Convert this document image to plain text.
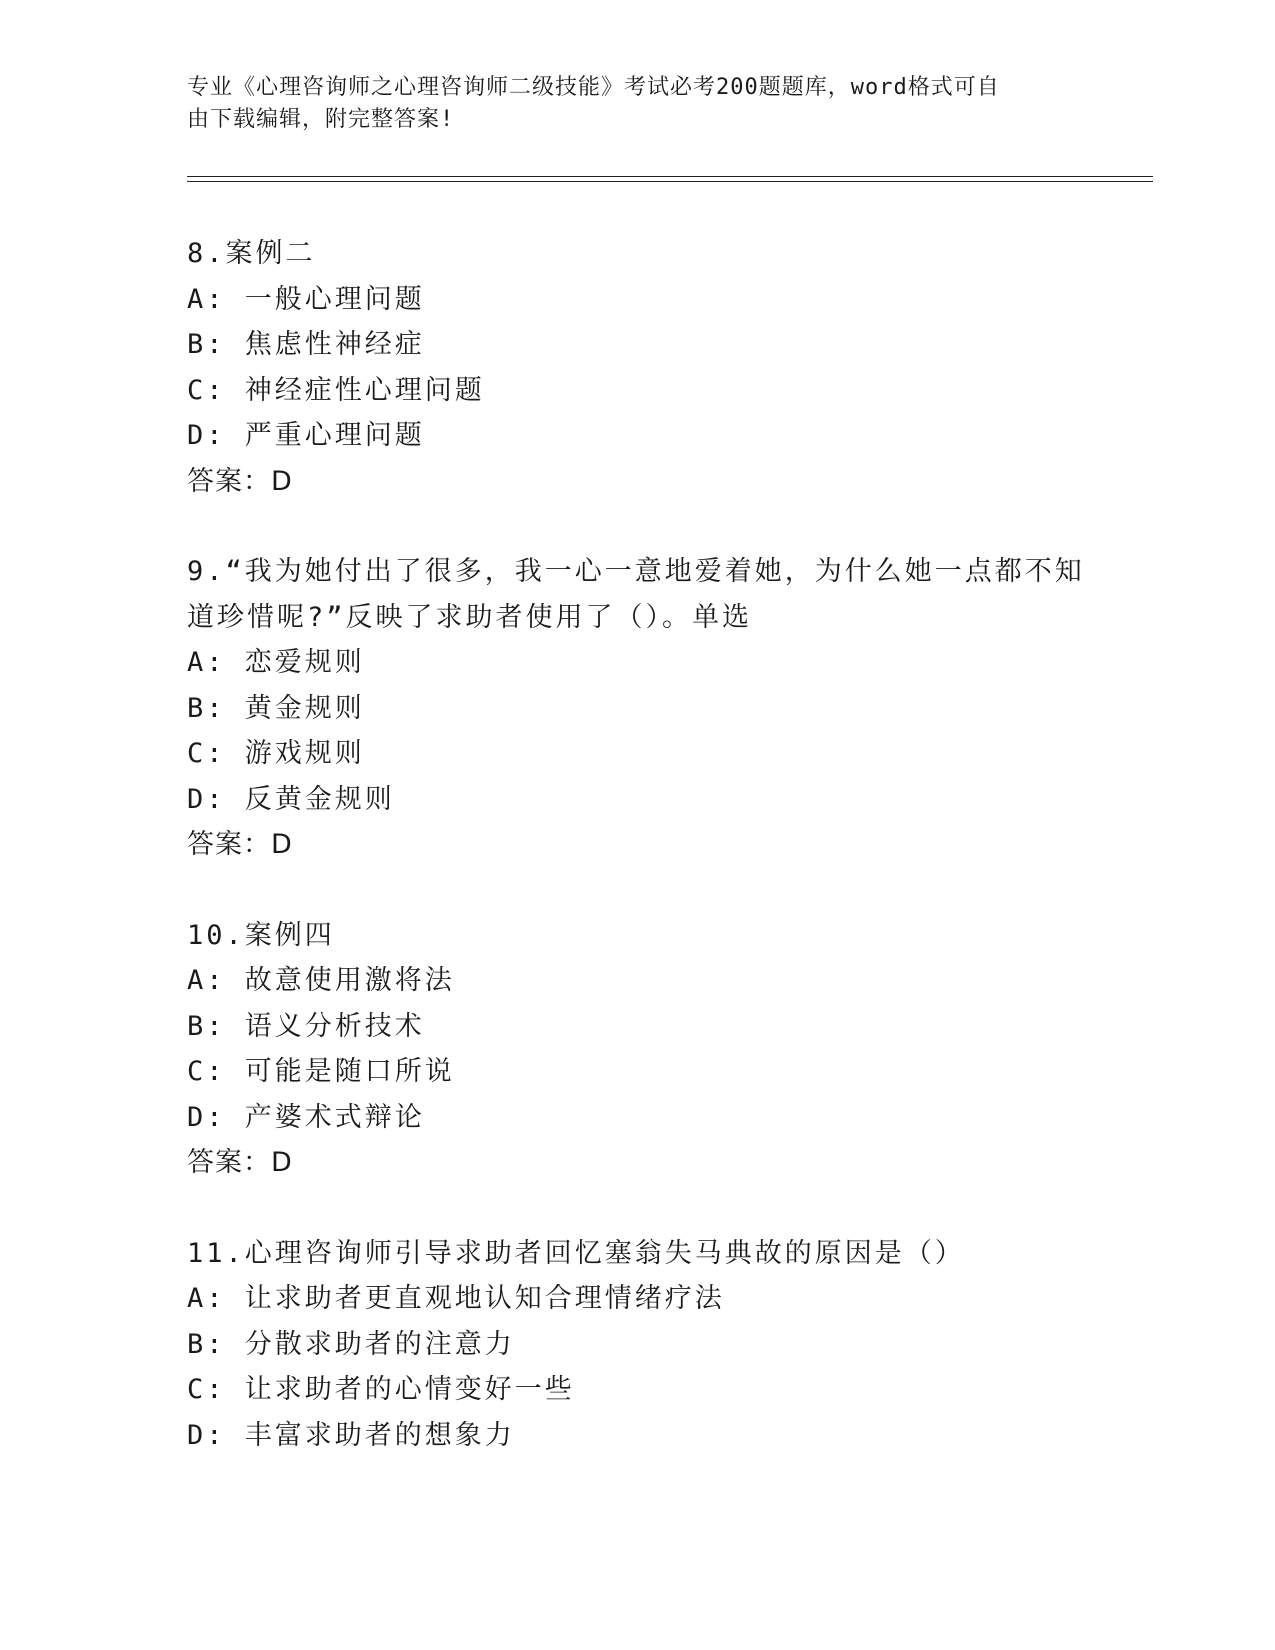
专业《心理咨询师之心理咨询师二级技能》考试必考200题题库，word格式可自
由下载编辑，附完整答案!
8.案例二
A: 一般心理问题
B: 焦虑性神经症
C: 神经症性心理问题
D: 严重心理问题
答案：D
9.“我为她付出了很多，我一心一意地爱着她，为什么她一点都不知
道珍惜呢?”反映了求助者使用了（）。单选
A: 恋爱规则
B: 黄金规则
C: 游戏规则
D: 反黄金规则
答案：D
10.案例四
A: 故意使用激将法
B: 语义分析技术
C: 可能是随口所说
D: 产婆术式辩论
答案：D
11.心理咨询师引导求助者回忆塞翁失马典故的原因是（）
A: 让求助者更直观地认知合理情绪疗法
B: 分散求助者的注意力
C: 让求助者的心情变好一些
D: 丰富求助者的想象力
